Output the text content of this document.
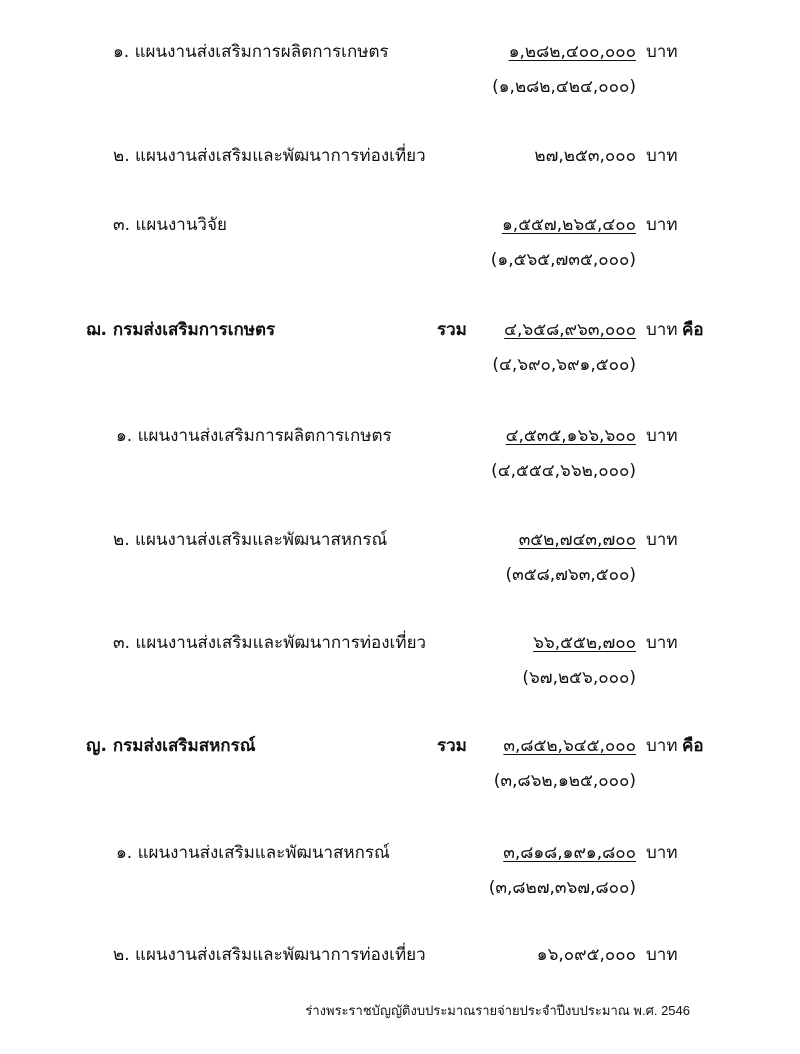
๑. แผนงานส่งเสริมการผลิตการเกษตร	๑,๒๘๒,๔๐๐,๐๐๐ บาท
(๑,๒๘๒,๔๒๔,๐๐๐)
๒. แผนงานส่งเสริมและพัฒนาการท่องเที่ยว	๒๗,๒๕๓,๐๐๐ บาท
๓. แผนงานวิจัย	๑,๕๕๗,๒๖๕,๔๐๐ บาท
(๑,๕๖๕,๗๓๕,๐๐๐)
ฌ. กรมส่งเสริมการเกษตร	รวม	๔,๖๕๘,๙๖๓,๐๐๐ บาท คือ
(๔,๖๙๐,๖๙๑,๕๐๐)
๑. แผนงานส่งเสริมการผลิตการเกษตร	๔,๕๓๕,๑๖๖,๖๐๐ บาท
(๔,๕๕๔,๖๖๒,๐๐๐)
๒. แผนงานส่งเสริมและพัฒนาสหกรณ์	๓๕๒,๗๔๓,๗๐๐ บาท
(๓๕๘,๗๖๓,๕๐๐)
๓. แผนงานส่งเสริมและพัฒนาการท่องเที่ยว	๖๖,๕๕๒,๗๐๐ บาท
(๖๗,๒๕๖,๐๐๐)
ญ. กรมส่งเสริมสหกรณ์	รวม	๓,๘๕๒,๖๔๕,๐๐๐ บาท คือ
(๓,๘๖๒,๑๒๕,๐๐๐)
๑. แผนงานส่งเสริมและพัฒนาสหกรณ์	๓,๘๑๘,๑๙๑,๘๐๐ บาท
(๓,๘๒๗,๓๖๗,๘๐๐)
๒. แผนงานส่งเสริมและพัฒนาการท่องเที่ยว	๑๖,๐๙๕,๐๐๐ บาท
ร่างพระราชบัญญัติงบประมาณรายจ่ายประจำปีงบประมาณ พ.ศ. 2546
